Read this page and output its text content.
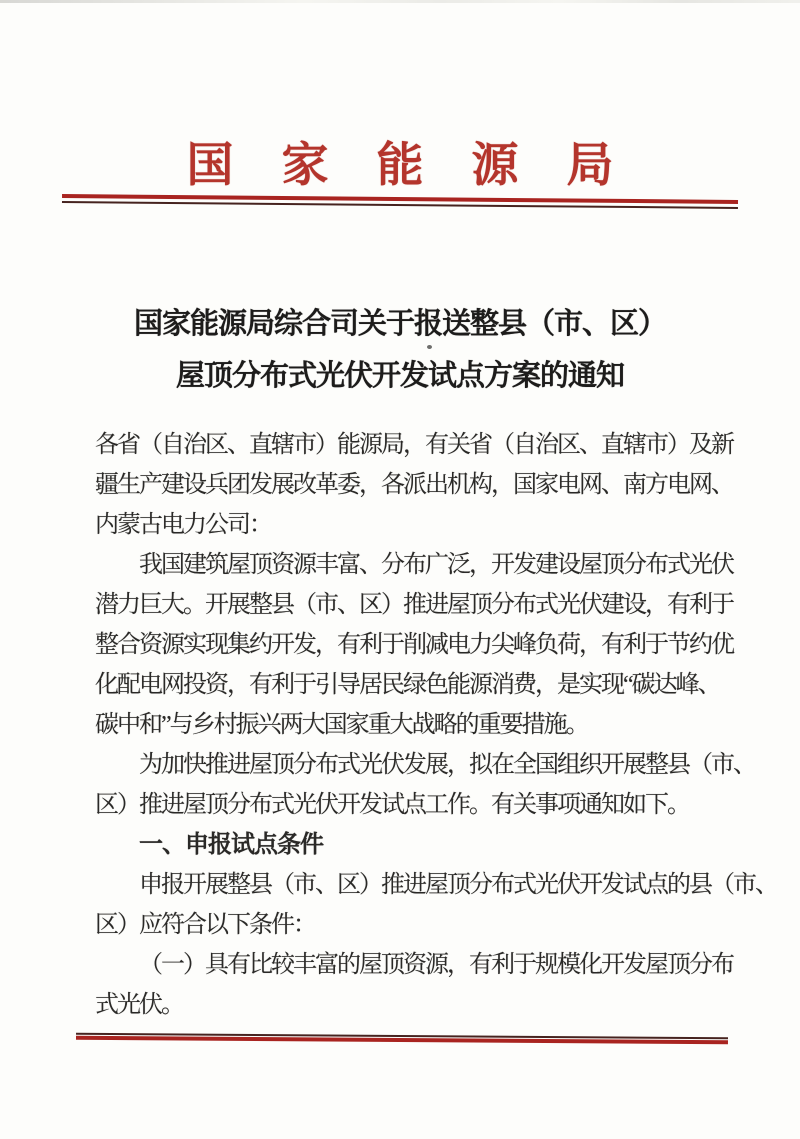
国家能源局
国家能源局综合司关于报送整县（市、区）
屋顶分布式光伏开发试点方案的通知
各省（自治区、直辖市）能源局，有关省（自治区、直辖市）及新
疆生产建设兵团发展改革委，各派出机构，国家电网、南方电网、
内蒙古电力公司：
我国建筑屋顶资源丰富、分布广泛，开发建设屋顶分布式光伏
潜力巨大。开展整县（市、区）推进屋顶分布式光伏建设，有利于
整合资源实现集约开发，有利于削减电力尖峰负荷，有利于节约优
化配电网投资，有利于引导居民绿色能源消费，是实现“碳达峰、
碳中和”与乡村振兴两大国家重大战略的重要措施。
为加快推进屋顶分布式光伏发展，拟在全国组织开展整县（市、
区）推进屋顶分布式光伏开发试点工作。有关事项通知如下。
一、申报试点条件
申报开展整县（市、区）推进屋顶分布式光伏开发试点的县（市、
区）应符合以下条件：
（一）具有比较丰富的屋顶资源，有利于规模化开发屋顶分布
式光伏。
